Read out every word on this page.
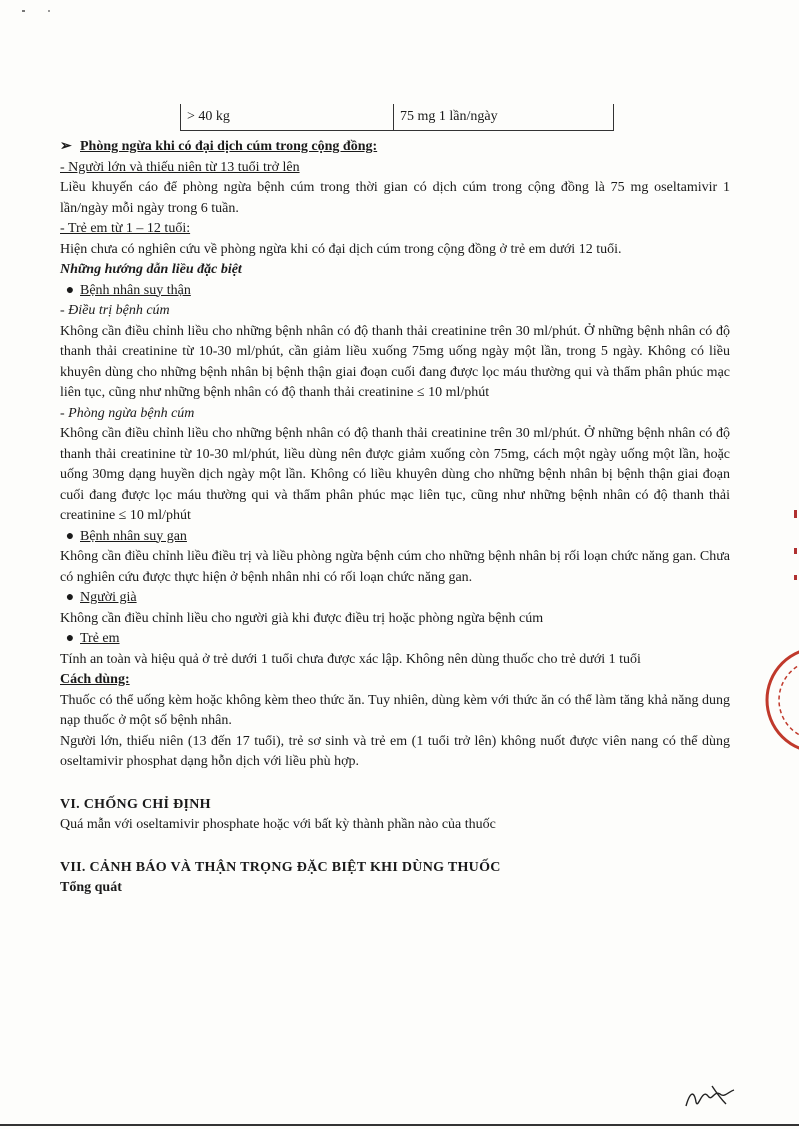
> 40 kg	75 mg 1 lần/ngày

➢ Phòng ngừa khi có đại dịch cúm trong cộng đồng:

- Người lớn và thiếu niên từ 13 tuổi trở lên

Liều khuyến cáo để phòng ngừa bệnh cúm trong thời gian có dịch cúm trong cộng đồng là 75 mg oseltamivir 1 lần/ngày mỗi ngày trong 6 tuần.

- Trẻ em từ 1 – 12 tuổi:

Hiện chưa có nghiên cứu về phòng ngừa khi có đại dịch cúm trong cộng đồng ở trẻ em dưới 12 tuổi.

Những hướng dẫn liều đặc biệt

● Bệnh nhân suy thận

- Điều trị bệnh cúm

Không cần điều chỉnh liều cho những bệnh nhân có độ thanh thải creatinine trên 30 ml/phút. Ở những bệnh nhân có độ thanh thải creatinine từ 10-30 ml/phút, cần giảm liều xuống 75mg uống ngày một lần, trong 5 ngày. Không có liều khuyên dùng cho những bệnh nhân bị bệnh thận giai đoạn cuối đang được lọc máu thường qui và thẩm phân phúc mạc liên tục, cũng như những bệnh nhân có độ thanh thải creatinine ≤ 10 ml/phút

- Phòng ngừa bệnh cúm

Không cần điều chỉnh liều cho những bệnh nhân có độ thanh thải creatinine trên 30 ml/phút. Ở những bệnh nhân có độ thanh thải creatinine từ 10-30 ml/phút, liều dùng nên được giảm xuống còn 75mg, cách một ngày uống một lần, hoặc uống 30mg dạng huyền dịch ngày một lần. Không có liều khuyên dùng cho những bệnh nhân bị bệnh thận giai đoạn cuối đang được lọc máu thường qui và thẩm phân phúc mạc liên tục, cũng như những bệnh nhân có độ thanh thải creatinine ≤ 10 ml/phút

● Bệnh nhân suy gan

Không cần điều chỉnh liều điều trị và liều phòng ngừa bệnh cúm cho những bệnh nhân bị rối loạn chức năng gan. Chưa có nghiên cứu được thực hiện ở bệnh nhân nhi có rối loạn chức năng gan.

● Người già

Không cần điều chỉnh liều cho người già khi được điều trị hoặc phòng ngừa bệnh cúm

● Trẻ em

Tính an toàn và hiệu quả ở trẻ dưới 1 tuổi chưa được xác lập. Không nên dùng thuốc cho trẻ dưới 1 tuổi

Cách dùng:

Thuốc có thể uống kèm hoặc không kèm theo thức ăn. Tuy nhiên, dùng kèm với thức ăn có thể làm tăng khả năng dung nạp thuốc ở một số bệnh nhân.

Người lớn, thiếu niên (13 đến 17 tuổi), trẻ sơ sinh và trẻ em (1 tuổi trở lên) không nuốt được viên nang có thể dùng oseltamivir phosphat dạng hỗn dịch với liều phù hợp.

VI. CHỐNG CHỈ ĐỊNH

Quá mẫn với oseltamivir phosphate hoặc với bất kỳ thành phần nào của thuốc

VII. CẢNH BÁO VÀ THẬN TRỌNG ĐẶC BIỆT KHI DÙNG THUỐC

Tổng quát
